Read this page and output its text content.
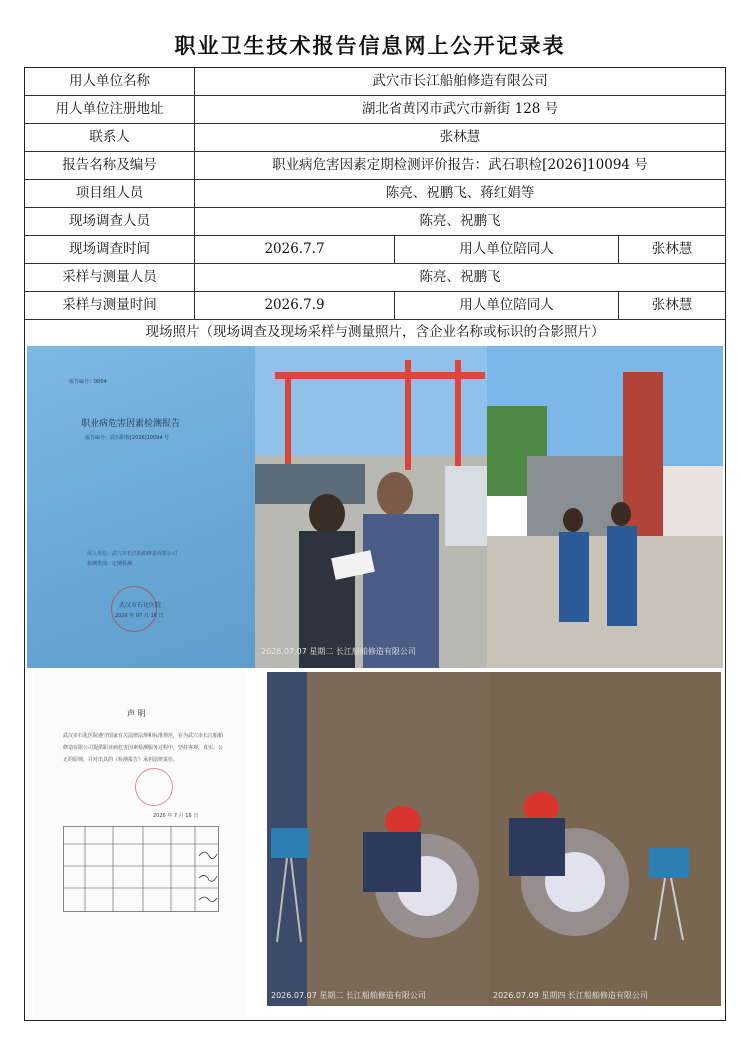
职业卫生技术报告信息网上公开记录表
用人单位名称	武穴市长江船舶修造有限公司
用人单位注册地址	湖北省黄冈市武穴市新街 128 号
联系人	张林慧
报告名称及编号	职业病危害因素定期检测评价报告：武石职检[2026]10094 号
项目组人员	陈亮、祝鹏飞、蒋红娟等
现场调查人员	陈亮、祝鹏飞
现场调查时间	2026.7.7	用人单位陪同人	张林慧
采样与测量人员	陈亮、祝鹏飞
采样与测量时间	2026.7.9	用人单位陪同人	张林慧
现场照片（现场调查及现场采样与测量照片，含企业名称或标识的合影照片）
报告编号：0004
职业病危害因素检测报告
报告编号：武石职检[2026]10094 号
用人单位：武穴市长江船舶修造有限公司
检测类别：定期检测
武汉市石化医院
2026 年 07 月 16 日
2026.07.07 星期二 长江船舶修造有限公司
声 明
武汉市石化医院遵守国家有关法律法规和标准规范，在为武穴市长江船舶修造有限公司提供职业病危害因素检测服务过程中，坚持客观、真实、公正的原则，并对出具的《检测报告》承担法律责任。
2026 年 7 月 16 日
2026.07.07 星期二 长江船舶修造有限公司	2026.07.09 星期四 长江船舶修造有限公司
